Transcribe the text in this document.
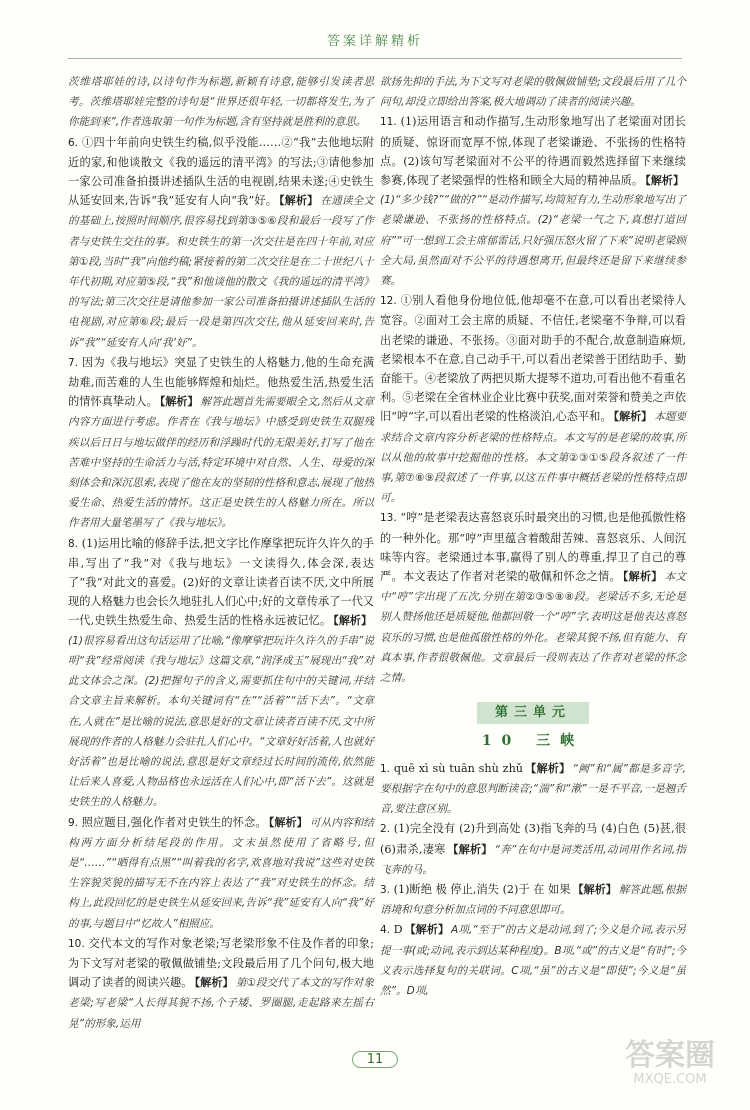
答案详解精析
茨维塔耶娃的诗,以诗句作为标题,新颖有诗意,能够引发读者思考。茨维塔耶娃完整的诗句是“世界还很年轻,一切都将发生,为了你能到来”,作者选取第一句作为标题,含有坚持就是胜利的意思。
6. ①四十年前向史铁生约稿,似乎没能……②“我”去他地坛附近的家,和他谈散文《我的遥远的清平湾》的写法;③请他参加一家公司准备拍摄讲述插队生活的电视剧,结果未遂;④史铁生从延安回来,告诉“我”延安有人向“我”好。 【解析】 在通读全文的基础上,按照时间顺序,很容易找到第③⑤⑥段和最后一段写了作者与史铁生交往的事。和史铁生的第一次交往是在四十年前,对应第①段,当时“我”向他约稿;紧接着的第二次交往是在二十世纪八十年代初期,对应第⑤段,“我”和他谈他的散文《我的遥远的清平湾》的写法;第三次交往是请他参加一家公司准备拍摄讲述插队生活的电视剧,对应第⑥段;最后一段是第四次交往,他从延安回来时,告诉“我”“延安有人向‘我’好”。
7. 因为《我与地坛》突显了史铁生的人格魅力,他的生命充满劫难,而苦难的人生也能够辉煌和灿烂。他热爱生活,热爱生活的情怀真挚动人。 【解析】 解答此题首先需要眼全文,然后从文章内容方面进行考虑。作者在《我与地坛》中感受到史铁生双腿残疾以后日日与地坛做伴的经历和浮躁时代的无限美好,打写了他在苦难中坚持的生命活力与活,特定环境中对自然、人生、母爱的深刻体会和深沉思索,表现了他在友的坚韧的性格和意志,展现了他热爱生命、热爱生活的情怀。这正是史铁生的人格魅力所在。所以作者用大量笔墨写了《我与地坛》。
8. (1)运用比喻的修辞手法,把文字比作摩挲把玩许久许久的手串,写出了“我”对《我与地坛》一文读得久,体会深,表达了“我”对此文的喜爱。(2)好的文章让读者百读不厌,文中所展现的人格魅力也会长久地驻扎人们心中;好的文章传承了一代又一代,史铁生热爱生命、热爱生活的性格永远被记忆。 【解析】(1)很容易看出这句话运用了比喻,“像摩挲把玩许久许久的手串”说明“我”经常阅读《我与地坛》这篇文章,“润泽成玉”展现出“我”对此文体会之深。(2)把握句子的含义,需要抓住句中的关键词,并结合文章主旨来解析。本句关键词有“在”“活着”“活下去”。“文章在,人就在”是比喻的说法,意思是好的文章让读者百读不厌,文中所展现的作者的人格魅力会驻扎人们心中。“文章好好活着,人也就好好活着”也是比喻的说法,意思是好文章经过长时间的流传,依然能让后来人喜爱,人物品格也永远活在人们心中,即“活下去”。这就是史铁生的人格魅力。
9. 照应题目,强化作者对史铁生的怀念。 【解析】 可从内容和结构两方面分析结尾段的作用。文末虽然使用了省略号,但是“……”“晒得有点黑”“叫着我的名字,欢喜地对我说”这些对史铁生容貌笑貌的描写无不在内容上表达了“我”对史铁生的怀念。结构上,此段回忆的是史铁生从延安回来,告诉“我”延安有人向“我”好的事,与题目中“忆故人”相照应。
10. 交代本文的写作对象老梁;写老梁形象不住及作者的印象;为下文写对老梁的敬佩做铺垫;文段最后用了几个问句,极大地调动了读者的阅读兴趣。 【解析】 第①段交代了本文的写作对象老梁;写老梁“人长得其貌不扬,个子矮、罗圈腿,走起路来左摇右晃”的形象,运用
欲扬先抑的手法,为下文写对老梁的敬佩做铺垫;文段最后用了几个问句,却没立即给出答案,极大地调动了读者的阅读兴趣。
11. (1)运用语言和动作描写,生动形象地写出了老梁面对团长的质疑、惊讶而宽厚不惊,体现了老梁谦逊、不张扬的性格特点。(2)该句写老梁面对不公平的待遇而毅然选择留下来继续参赛,体现了老梁强悍的性格和顾全大局的精神品质。 【解析】(1)“多少钱?”“做的?”“是动作描写,均简短有力,生动形象地写出了老梁谦逊、不张扬的性格特点。(2)“老梁一气之下,真想打道回府”“可一想到工会主席郁雷话,只好强压怒火留了下来”说明老梁顾全大局,虽然面对不公平的待遇想离开,但最终还是留下来继续参赛。
12. ①别人看他身份地位低,他却毫不在意,可以看出老梁待人宽容。②面对工会主席的质疑、不信任,老梁毫不争辩,可以看出老梁的谦逊、不张扬。③面对助手的不配合,故意制造麻烦,老梁根本不在意,自己动手干,可以看出老梁善于团结助手、勤奋能干。④老梁放了两把贝斯大提琴不道功,可看出他不看重名利。⑤老梁在全省林业企业比赛中获奖,面对荣誉和赞美之声依旧“哼”字,可以看出老梁的性格淡泊,心态平和。 【解析】 本题要求结合文章内容分析老梁的性格特点。本文写的是老梁的故事,所以从他的故事中挖掘他的性格。本文第②③①⑤段各叙述了一件事,第⑦⑧⑨段叙述了一件事,以这五件事中概括老梁的性格特点即可。
13. “哼”是老梁表达喜怒哀乐时最突出的习惯,也是他孤傲性格的一种外化。那“哼”声里蕴含着酸甜苦辣、喜怒哀乐、人间沉味等内容。老梁通过本事,赢得了别人的尊重,捍卫了自己的尊严。本文表达了作者对老梁的敬佩和怀念之情。 【解析】 本文中“哼”字出现了五次,分别在第②③⑤⑧⑧段。老梁话不多,无论是别人赞扬他还是质疑他,他都回敬一个“哼”字,表明这是他表达喜怒哀乐的习惯,也是他孤傲性格的外化。老梁其貌不扬,但有能力、有真本事,作者很敬佩他。文章最后一段则表达了作者对老梁的怀念之情。
第三单元
10 三峡
1. quē xì sù tuān shù zhǔ 【解析】 “阙”和“属”都是多音字,要根据字在句中的意思判断读音;“湍”和“漱”一是不平音,一是翘舌音,要注意区别。
2. (1)完全没有 (2)升到高处 (3)指飞奔的马 (4)白色 (5)甚,很 (6)肃杀,凄寒 【解析】 “奔”在句中是词类活用,动词用作名词,指飞奔的马。
3. (1)断绝 极 停止,消失 (2)于 在 如果 【解析】 解答此题,根据语境和句意分析加点词的不同意思即可。
4. D 【解析】 A项,“至于”的古义是动词,到了;今义是介词,表示另提一事(或;动词,表示到达某种程度)。B项,“或”的古义是“有时”;今义表示选择复句的关联词。C项,“虽”的古义是“即使”;今义是“虽然”。D项,
11	答案圈
MXQE.COM
